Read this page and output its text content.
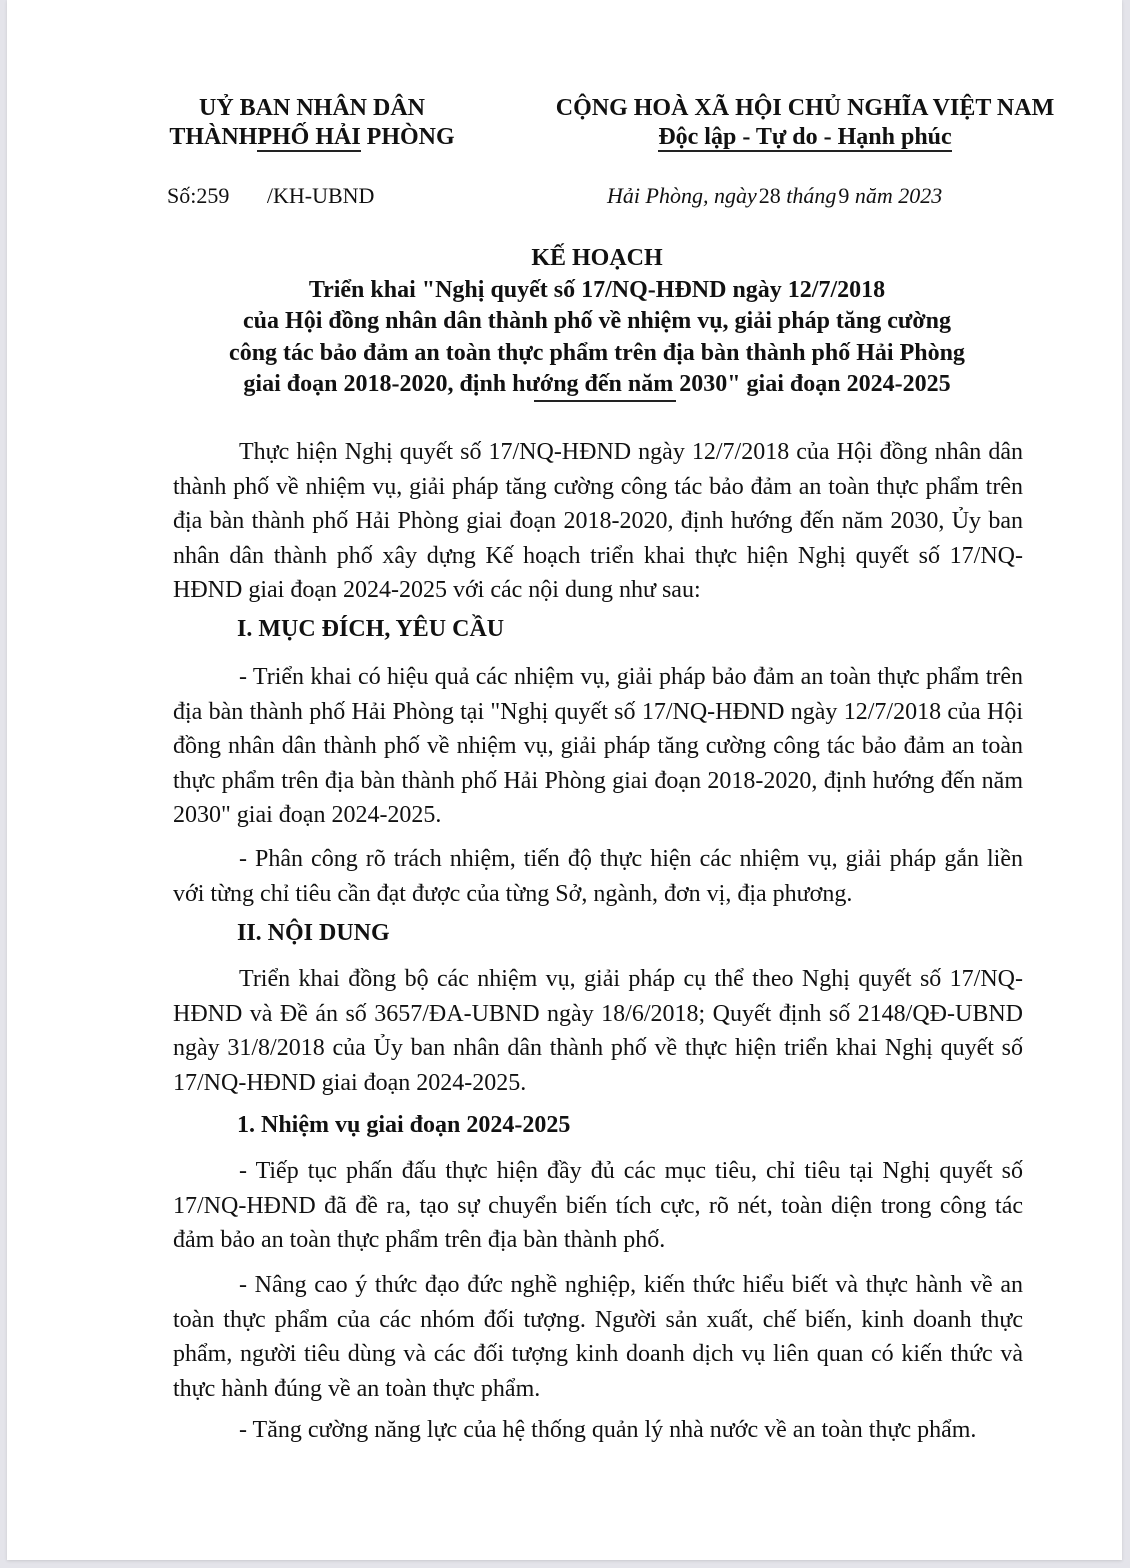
UỶ BAN NHÂN DÂN
THÀNHPHỐ HẢI PHÒNG
CỘNG HOÀ XÃ HỘI CHỦ NGHĨA VIỆT NAM
Độc lập - Tự do - Hạnh phúc
Số:259 /KH-UBND	Hải Phòng, ngày28 tháng9 năm 2023
KẾ HOẠCH
Triển khai "Nghị quyết số 17/NQ-HĐND ngày 12/7/2018
của Hội đồng nhân dân thành phố về nhiệm vụ, giải pháp tăng cường
công tác bảo đảm an toàn thực phẩm trên địa bàn thành phố Hải Phòng
giai đoạn 2018-2020, định hướng đến năm 2030" giai đoạn 2024-2025
Thực hiện Nghị quyết số 17/NQ-HĐND ngày 12/7/2018 của Hội đồng nhân dân thành phố về nhiệm vụ, giải pháp tăng cường công tác bảo đảm an toàn thực phẩm trên địa bàn thành phố Hải Phòng giai đoạn 2018-2020, định hướng đến năm 2030, Ủy ban nhân dân thành phố xây dựng Kế hoạch triển khai thực hiện Nghị quyết số 17/NQ-HĐND giai đoạn 2024-2025 với các nội dung như sau:
I. MỤC ĐÍCH, YÊU CẦU
- Triển khai có hiệu quả các nhiệm vụ, giải pháp bảo đảm an toàn thực phẩm trên địa bàn thành phố Hải Phòng tại "Nghị quyết số 17/NQ-HĐND ngày 12/7/2018 của Hội đồng nhân dân thành phố về nhiệm vụ, giải pháp tăng cường công tác bảo đảm an toàn thực phẩm trên địa bàn thành phố Hải Phòng giai đoạn 2018-2020, định hướng đến năm 2030" giai đoạn 2024-2025.
- Phân công rõ trách nhiệm, tiến độ thực hiện các nhiệm vụ, giải pháp gắn liền với từng chỉ tiêu cần đạt được của từng Sở, ngành, đơn vị, địa phương.
II. NỘI DUNG
Triển khai đồng bộ các nhiệm vụ, giải pháp cụ thể theo Nghị quyết số 17/NQ-HĐND và Đề án số 3657/ĐA-UBND ngày 18/6/2018; Quyết định số 2148/QĐ-UBND ngày 31/8/2018 của Ủy ban nhân dân thành phố về thực hiện triển khai Nghị quyết số 17/NQ-HĐND giai đoạn 2024-2025.
1. Nhiệm vụ giai đoạn 2024-2025
- Tiếp tục phấn đấu thực hiện đầy đủ các mục tiêu, chỉ tiêu tại Nghị quyết số 17/NQ-HĐND đã đề ra, tạo sự chuyển biến tích cực, rõ nét, toàn diện trong công tác đảm bảo an toàn thực phẩm trên địa bàn thành phố.
- Nâng cao ý thức đạo đức nghề nghiệp, kiến thức hiểu biết và thực hành về an toàn thực phẩm của các nhóm đối tượng. Người sản xuất, chế biến, kinh doanh thực phẩm, người tiêu dùng và các đối tượng kinh doanh dịch vụ liên quan có kiến thức và thực hành đúng về an toàn thực phẩm.
- Tăng cường năng lực của hệ thống quản lý nhà nước về an toàn thực phẩm.
